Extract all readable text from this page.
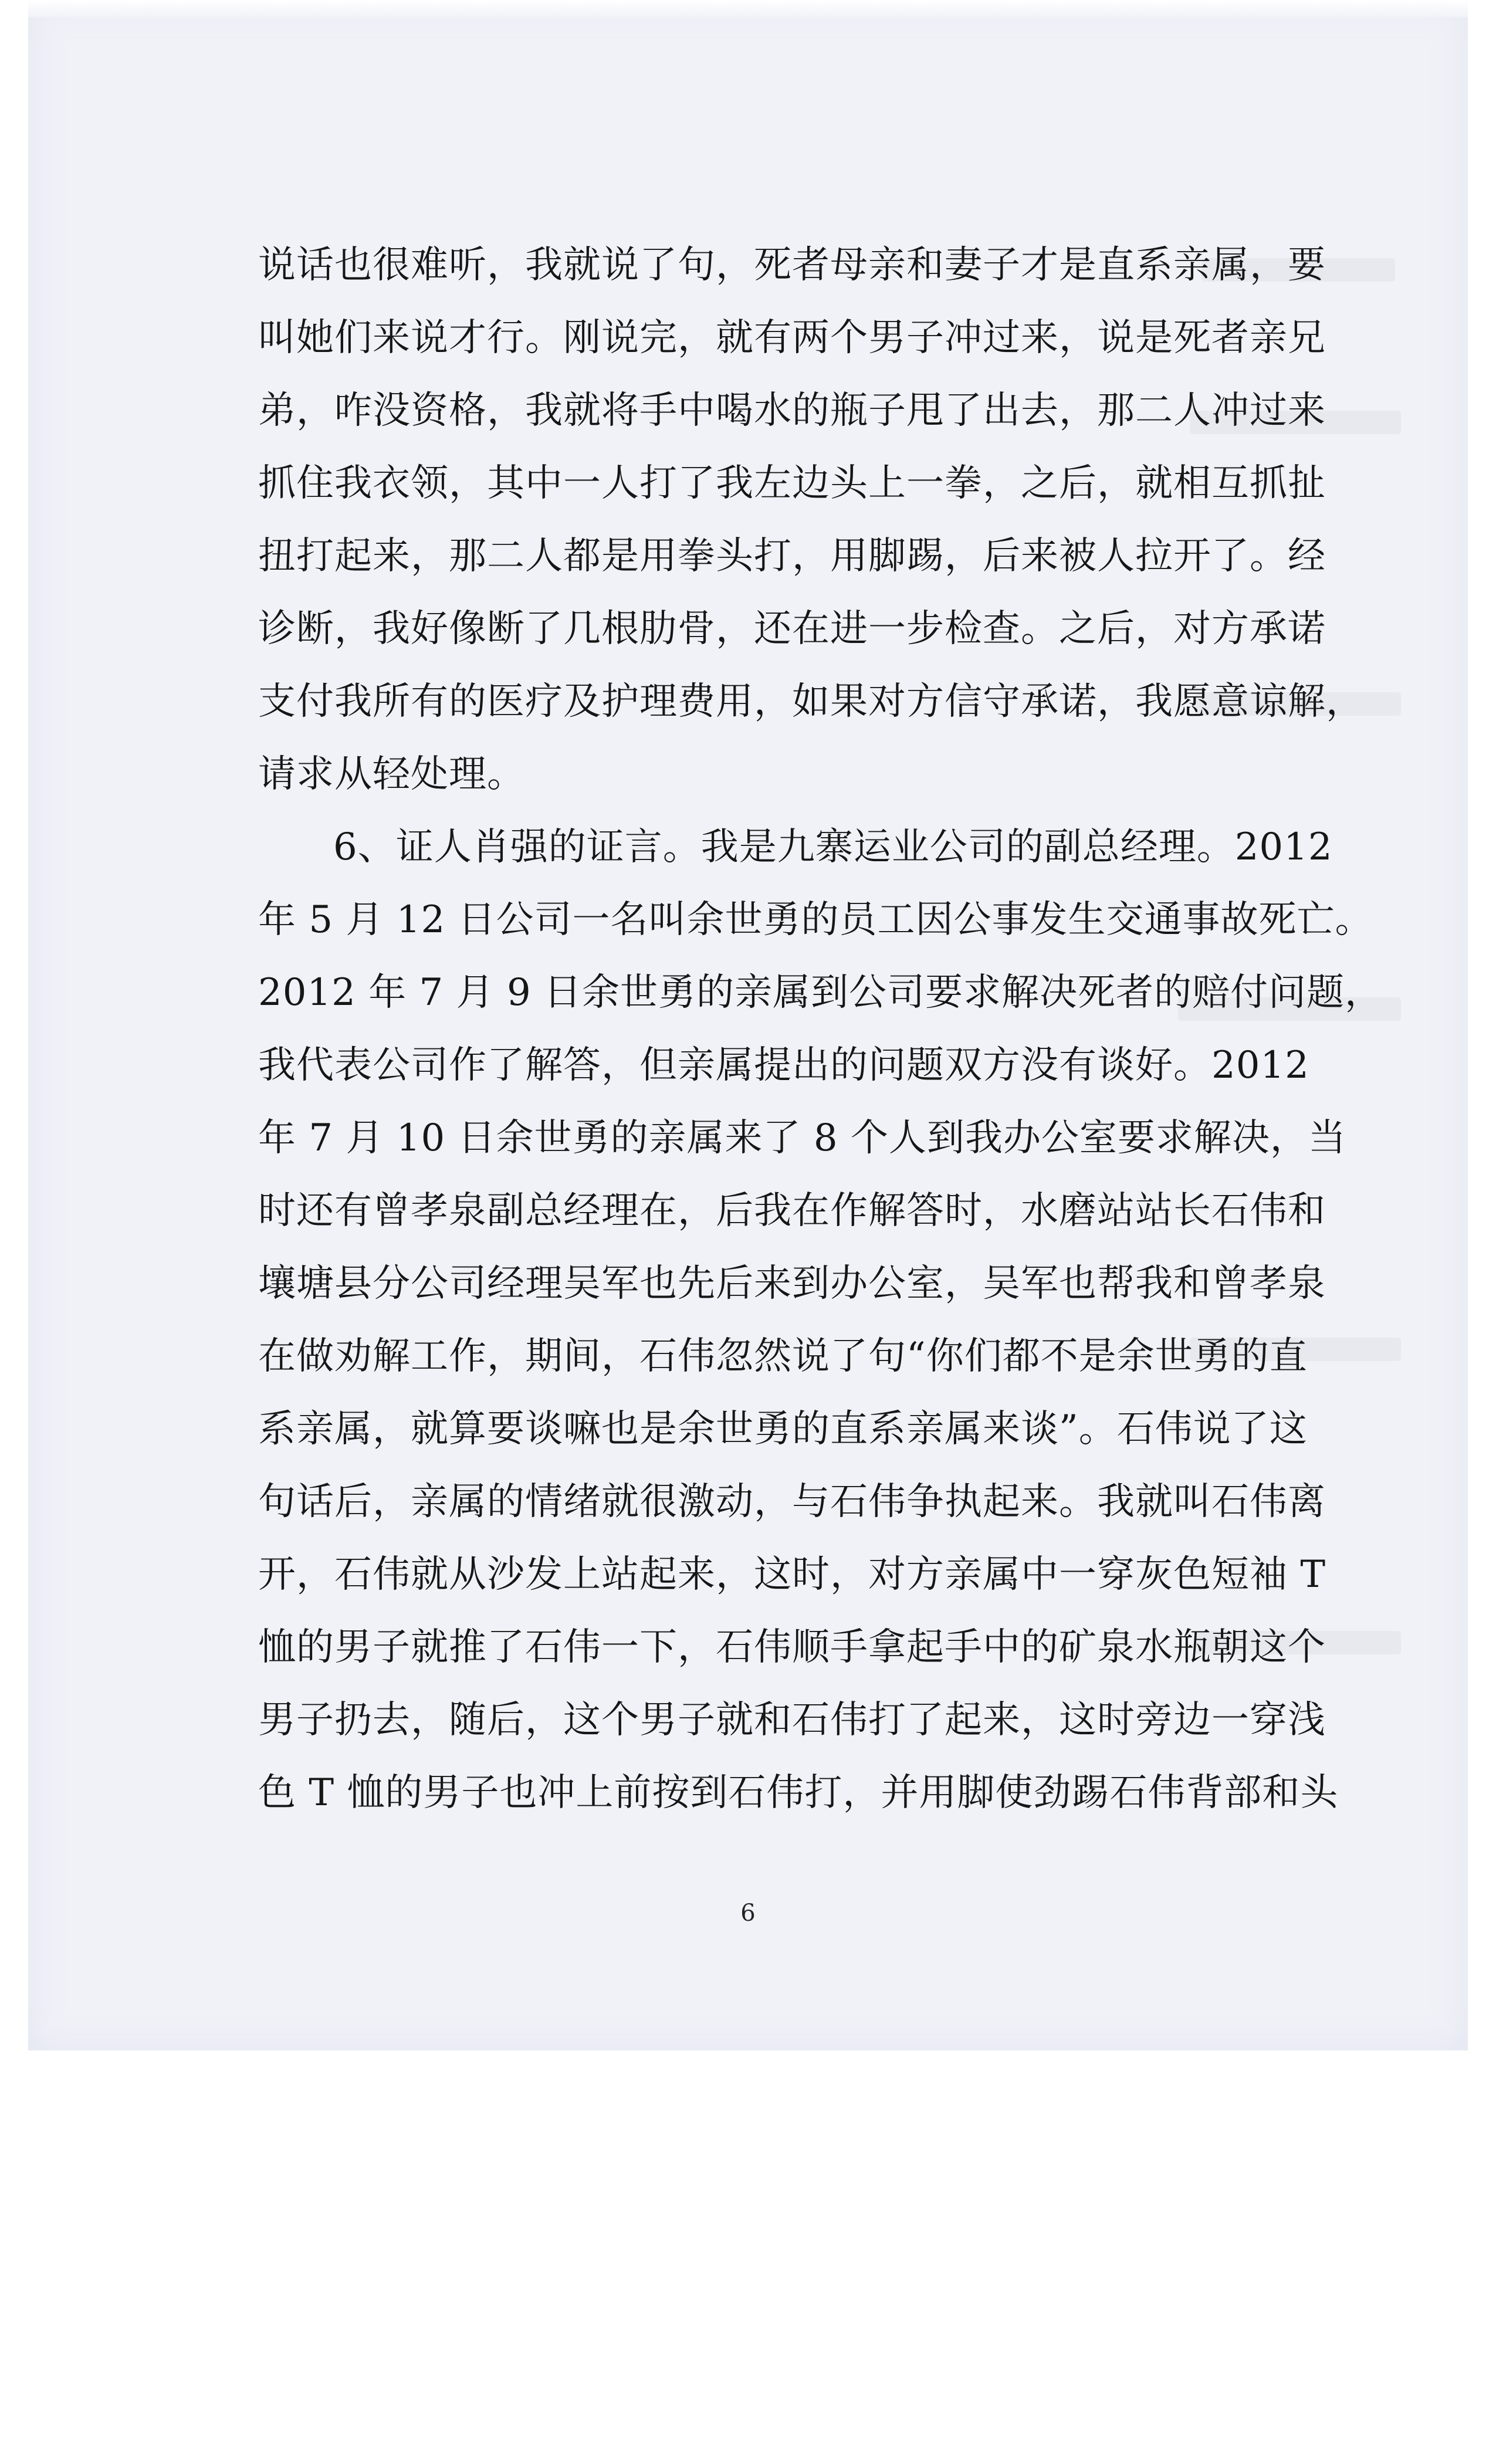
说话也很难听，我就说了句，死者母亲和妻子才是直系亲属，要
叫她们来说才行。刚说完，就有两个男子冲过来，说是死者亲兄
弟，咋没资格，我就将手中喝水的瓶子甩了出去，那二人冲过来
抓住我衣领，其中一人打了我左边头上一拳，之后，就相互抓扯
扭打起来，那二人都是用拳头打，用脚踢，后来被人拉开了。经
诊断，我好像断了几根肋骨，还在进一步检查。之后，对方承诺
支付我所有的医疗及护理费用，如果对方信守承诺，我愿意谅解，
请求从轻处理。
6、证人肖强的证言。我是九寨运业公司的副总经理。2012
年 5 月 12 日公司一名叫余世勇的员工因公事发生交通事故死亡。
2012 年 7 月 9 日余世勇的亲属到公司要求解决死者的赔付问题，
我代表公司作了解答，但亲属提出的问题双方没有谈好。2012
年 7 月 10 日余世勇的亲属来了 8 个人到我办公室要求解决，当
时还有曾孝泉副总经理在，后我在作解答时，水磨站站长石伟和
壤塘县分公司经理吴军也先后来到办公室，吴军也帮我和曾孝泉
在做劝解工作，期间，石伟忽然说了句“你们都不是余世勇的直
系亲属，就算要谈嘛也是余世勇的直系亲属来谈”。石伟说了这
句话后，亲属的情绪就很激动，与石伟争执起来。我就叫石伟离
开，石伟就从沙发上站起来，这时，对方亲属中一穿灰色短袖 T
恤的男子就推了石伟一下，石伟顺手拿起手中的矿泉水瓶朝这个
男子扔去，随后，这个男子就和石伟打了起来，这时旁边一穿浅
色 T 恤的男子也冲上前按到石伟打，并用脚使劲踢石伟背部和头
6
